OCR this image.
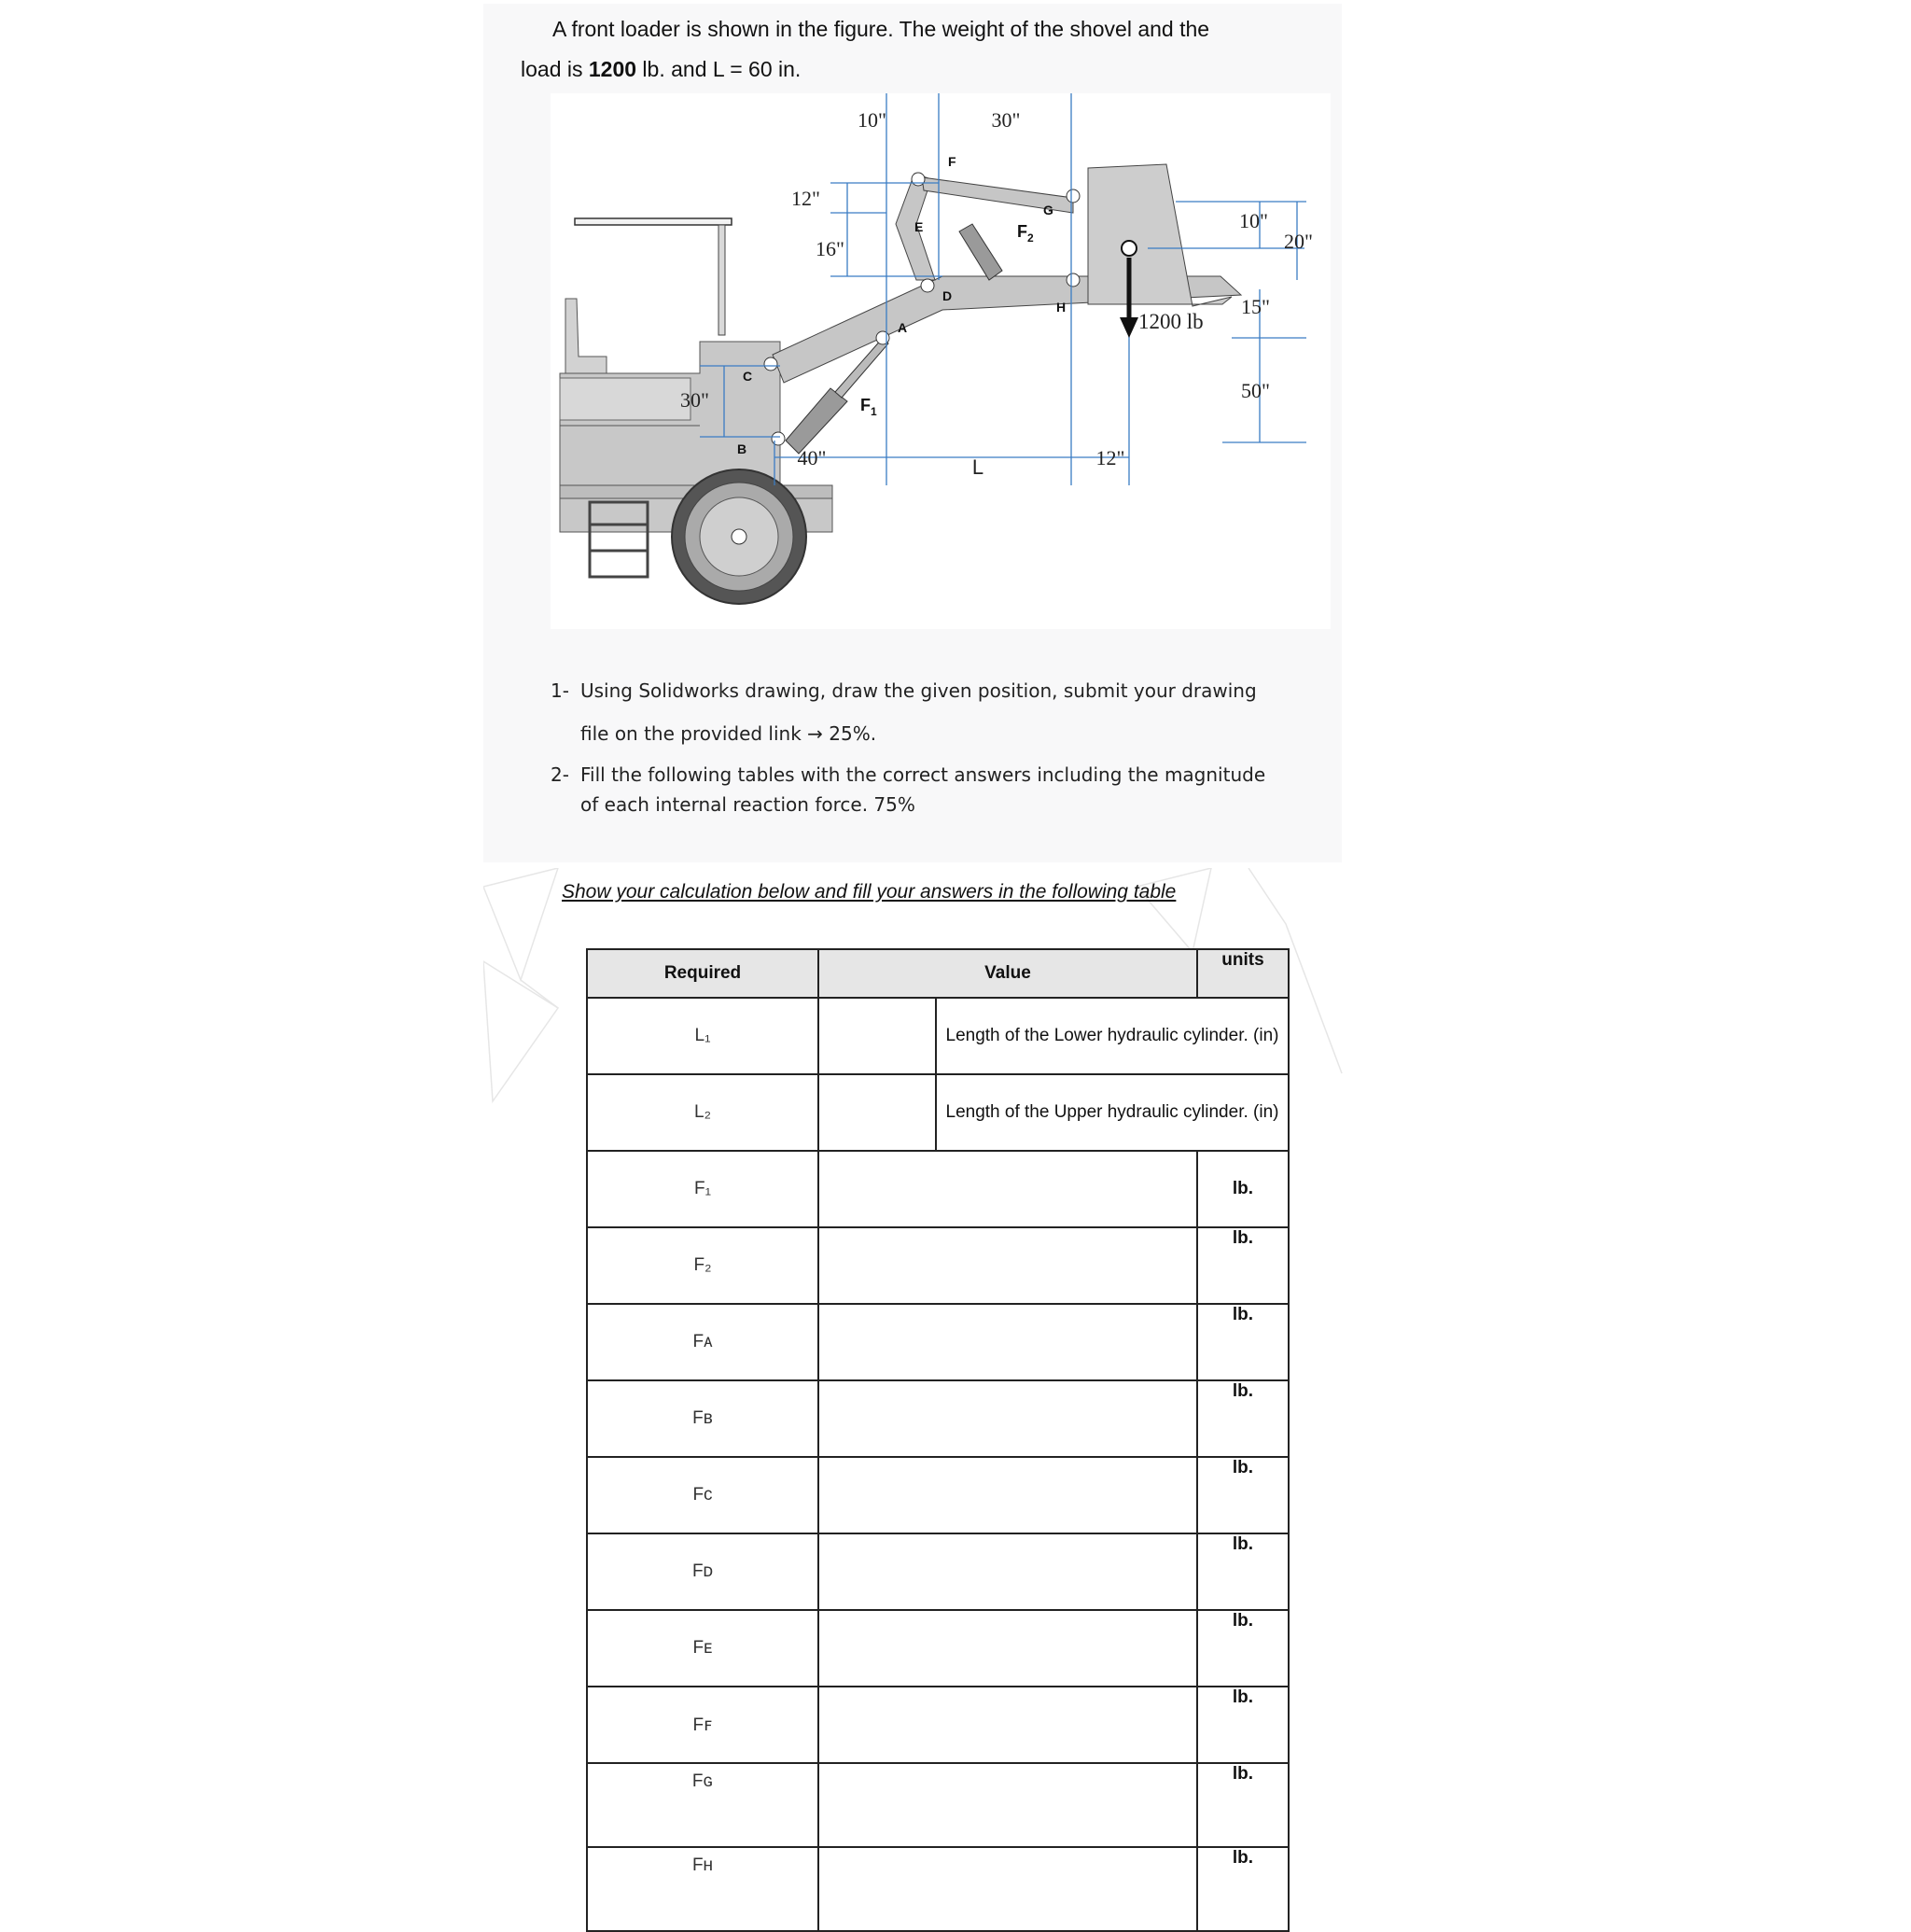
A front loader is shown in the figure. The weight of the shovel and the
load is 1200 lb. and L = 60 in.
10"	30"
12"
16"
10"
20"
15"
50"
30"
40"	L	12"
1200 lb
A
B
C
D
E
F
G
H
$F_1$
$F_2$
1- Using Solidworks drawing, draw the given position, submit your drawing
file on the provided link → 25%.
2- Fill the following tables with the correct answers including the magnitude
of each internal reaction force. 75%
Show your calculation below and fill your answers in the following table
Required	Value		units
L₁		Length of the Lower hydraulic cylinder. (in)	
L₂		Length of the Upper hydraulic cylinder. (in)	
F₁			lb.
F₂			lb.
Fᴀ			lb.
Fʙ			lb.
Fᴄ			lb.
Fᴅ			lb.
Fᴇ			lb.
Fꜰ			lb.
Fɢ			lb.
Fʜ			lb.
